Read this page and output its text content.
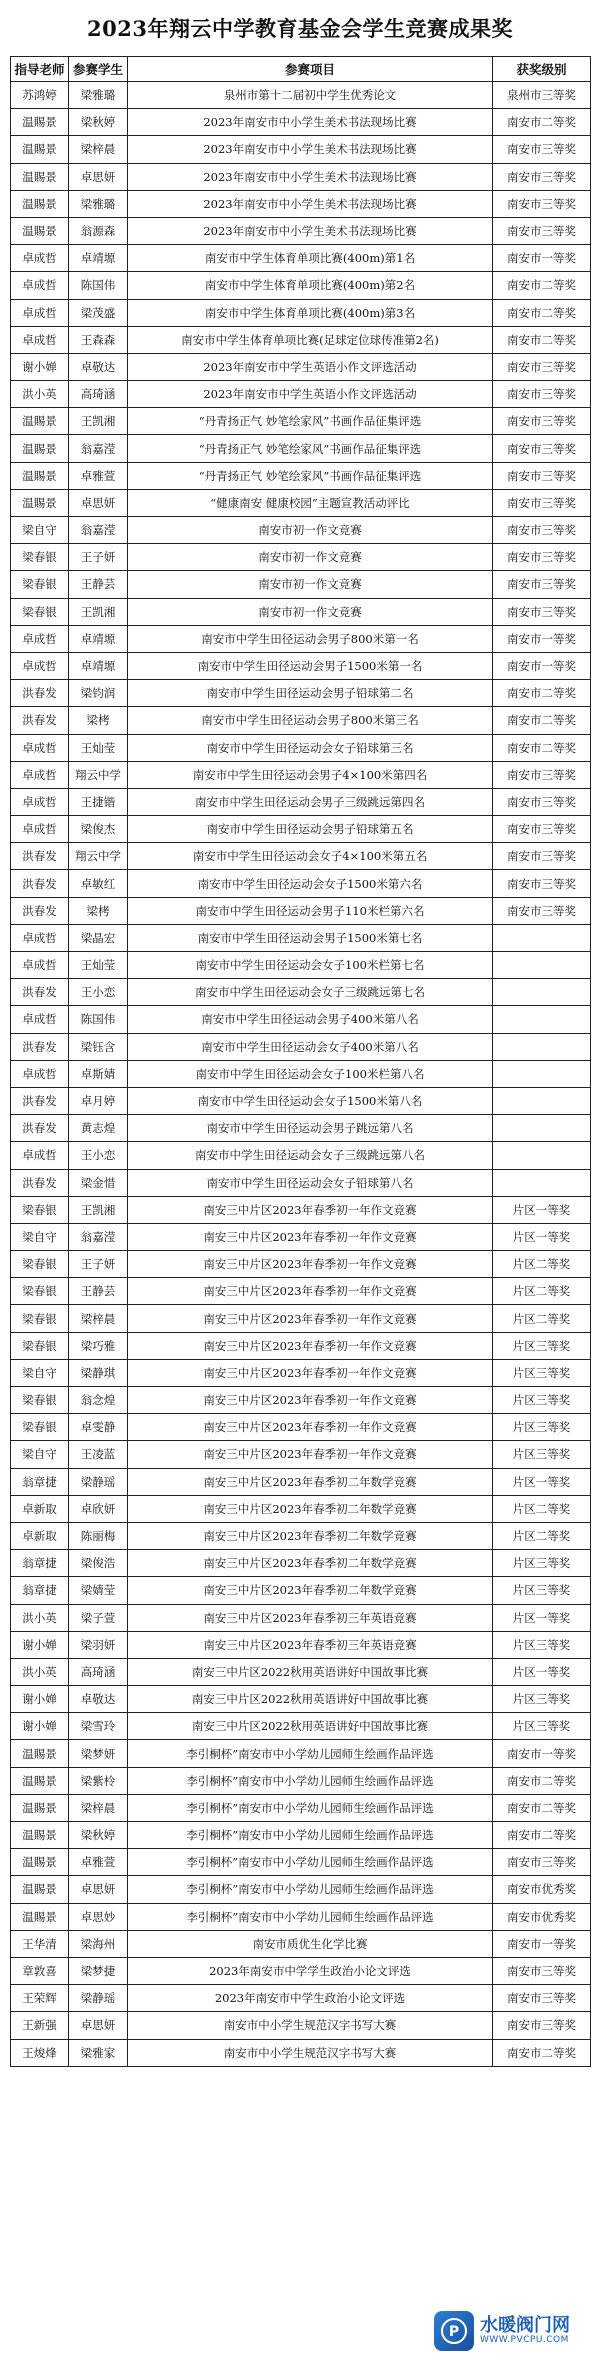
2023年翔云中学教育基金会学生竞赛成果奖
指导老师	参赛学生	参赛项目	获奖级别
苏鸿婷	梁雅璐	泉州市第十二届初中学生优秀论文	泉州市三等奖
温賜景	梁秋婷	2023年南安市中小学生美术书法现场比赛	南安市二等奖
温賜景	梁梓晨	2023年南安市中小学生美术书法现场比赛	南安市三等奖
温賜景	卓思妍	2023年南安市中小学生美术书法现场比赛	南安市三等奖
温賜景	梁雅璐	2023年南安市中小学生美术书法现场比赛	南安市三等奖
温賜景	翁源森	2023年南安市中小学生美术书法现场比赛	南安市三等奖
卓成哲	卓靖塬	南安市中学生体育单项比赛(400m)第1名	南安市一等奖
卓成哲	陈国伟	南安市中学生体育单项比赛(400m)第2名	南安市二等奖
卓成哲	梁茂盛	南安市中学生体育单项比赛(400m)第3名	南安市二等奖
卓成哲	王森森	南安市中学生体育单项比赛(足球定位球传准第2名)	南安市二等奖
谢小婵	卓敬达	2023年南安市中学生英语小作文评选活动	南安市三等奖
洪小英	高琦涵	2023年南安市中学生英语小作文评选活动	南安市三等奖
温賜景	王凯湘	“丹青扬正气 妙笔绘家风”书画作品征集评选	南安市三等奖
温賜景	翁嘉滢	“丹青扬正气 妙笔绘家风”书画作品征集评选	南安市三等奖
温賜景	卓雅萱	“丹青扬正气 妙笔绘家风”书画作品征集评选	南安市三等奖
温賜景	卓思妍	“健康南安 健康校园”主题宣教活动评比	南安市三等奖
梁自守	翁嘉滢	南安市初一作文竞赛	南安市三等奖
梁春银	王子妍	南安市初一作文竞赛	南安市三等奖
梁春银	王静芸	南安市初一作文竞赛	南安市三等奖
梁春银	王凯湘	南安市初一作文竞赛	南安市三等奖
卓成哲	卓靖塬	南安市中学生田径运动会男子800米第一名	南安市一等奖
卓成哲	卓靖塬	南安市中学生田径运动会男子1500米第一名	南安市一等奖
洪春发	梁钧润	南安市中学生田径运动会男子铅球第二名	南安市二等奖
洪春发	梁栲	南安市中学生田径运动会男子800米第三名	南安市二等奖
卓成哲	王灿莹	南安市中学生田径运动会女子铅球第三名	南安市二等奖
卓成哲	翔云中学	南安市中学生田径运动会男子4×100米第四名	南安市三等奖
卓成哲	王捷锴	南安市中学生田径运动会男子三级跳远第四名	南安市三等奖
卓成哲	梁俊杰	南安市中学生田径运动会男子铅球第五名	南安市三等奖
洪春发	翔云中学	南安市中学生田径运动会女子4×100米第五名	南安市三等奖
洪春发	卓敏红	南安市中学生田径运动会女子1500米第六名	南安市三等奖
洪春发	梁栲	南安市中学生田径运动会男子110米栏第六名	南安市三等奖
卓成哲	梁晶宏	南安市中学生田径运动会男子1500米第七名	
卓成哲	王灿莹	南安市中学生田径运动会女子100米栏第七名	
洪春发	王小恋	南安市中学生田径运动会女子三级跳远第七名	
卓成哲	陈国伟	南安市中学生田径运动会男子400米第八名	
洪春发	梁钰含	南安市中学生田径运动会女子400米第八名	
卓成哲	卓斯婧	南安市中学生田径运动会女子100米栏第八名	
洪春发	卓月婷	南安市中学生田径运动会女子1500米第八名	
洪春发	黄志煌	南安市中学生田径运动会男子跳远第八名	
卓成哲	王小恋	南安市中学生田径运动会女子三级跳远第八名	
洪春发	梁金惜	南安市中学生田径运动会女子铅球第八名	
梁春银	王凯湘	南安三中片区2023年春季初一年作文竞赛	片区一等奖
梁自守	翁嘉滢	南安三中片区2023年春季初一年作文竞赛	片区一等奖
梁春银	王子妍	南安三中片区2023年春季初一年作文竞赛	片区二等奖
梁春银	王静芸	南安三中片区2023年春季初一年作文竞赛	片区二等奖
梁春银	梁梓晨	南安三中片区2023年春季初一年作文竞赛	片区二等奖
梁春银	梁巧雅	南安三中片区2023年春季初一年作文竞赛	片区三等奖
梁自守	梁静琪	南安三中片区2023年春季初一年作文竞赛	片区三等奖
梁春银	翁念煌	南安三中片区2023年春季初一年作文竞赛	片区三等奖
梁春银	卓雯静	南安三中片区2023年春季初一年作文竞赛	片区三等奖
梁自守	王凌蓝	南安三中片区2023年春季初一年作文竞赛	片区三等奖
翁章捷	梁静瑶	南安三中片区2023年春季初二年数学竞赛	片区一等奖
卓新取	卓欣妍	南安三中片区2023年春季初二年数学竞赛	片区二等奖
卓新取	陈丽梅	南安三中片区2023年春季初二年数学竞赛	片区二等奖
翁章捷	梁俊浩	南安三中片区2023年春季初二年数学竞赛	片区三等奖
翁章捷	梁婧莹	南安三中片区2023年春季初二年数学竞赛	片区三等奖
洪小英	梁子萱	南安三中片区2023年春季初三年英语竞赛	片区一等奖
谢小婵	梁羽妍	南安三中片区2023年春季初三年英语竞赛	片区三等奖
洪小英	高琦涵	南安三中片区2022秋用英语讲好中国故事比赛	片区一等奖
谢小婵	卓敬达	南安三中片区2022秋用英语讲好中国故事比赛	片区三等奖
谢小婵	梁雪玲	南安三中片区2022秋用英语讲好中国故事比赛	片区三等奖
温賜景	梁梦妍	李引桐杯”南安市中小学幼儿园师生绘画作品评选	南安市一等奖
温賜景	梁紫柃	李引桐杯”南安市中小学幼儿园师生绘画作品评选	南安市二等奖
温賜景	梁梓晨	李引桐杯”南安市中小学幼儿园师生绘画作品评选	南安市二等奖
温賜景	梁秋婷	李引桐杯”南安市中小学幼儿园师生绘画作品评选	南安市二等奖
温賜景	卓雅萱	李引桐杯”南安市中小学幼儿园师生绘画作品评选	南安市三等奖
温賜景	卓思妍	李引桐杯”南安市中小学幼儿园师生绘画作品评选	南安市优秀奖
温賜景	卓思妙	李引桐杯”南安市中小学幼儿园师生绘画作品评选	南安市优秀奖
王华清	梁海州	南安市质优生化学比赛	南安市一等奖
章敦喜	梁梦捷	2023年南安市中学学生政治小论文评选	南安市三等奖
王荣辉	梁静瑶	2023年南安市中学生政治小论文评选	南安市三等奖
王新强	卓思妍	南安市中小学生规范汉字书写大赛	南安市三等奖
王焌烽	梁雅家	南安市中小学生规范汉字书写大赛	南安市二等奖
P 水暖阀门网
WWW.PVCPU.COM
